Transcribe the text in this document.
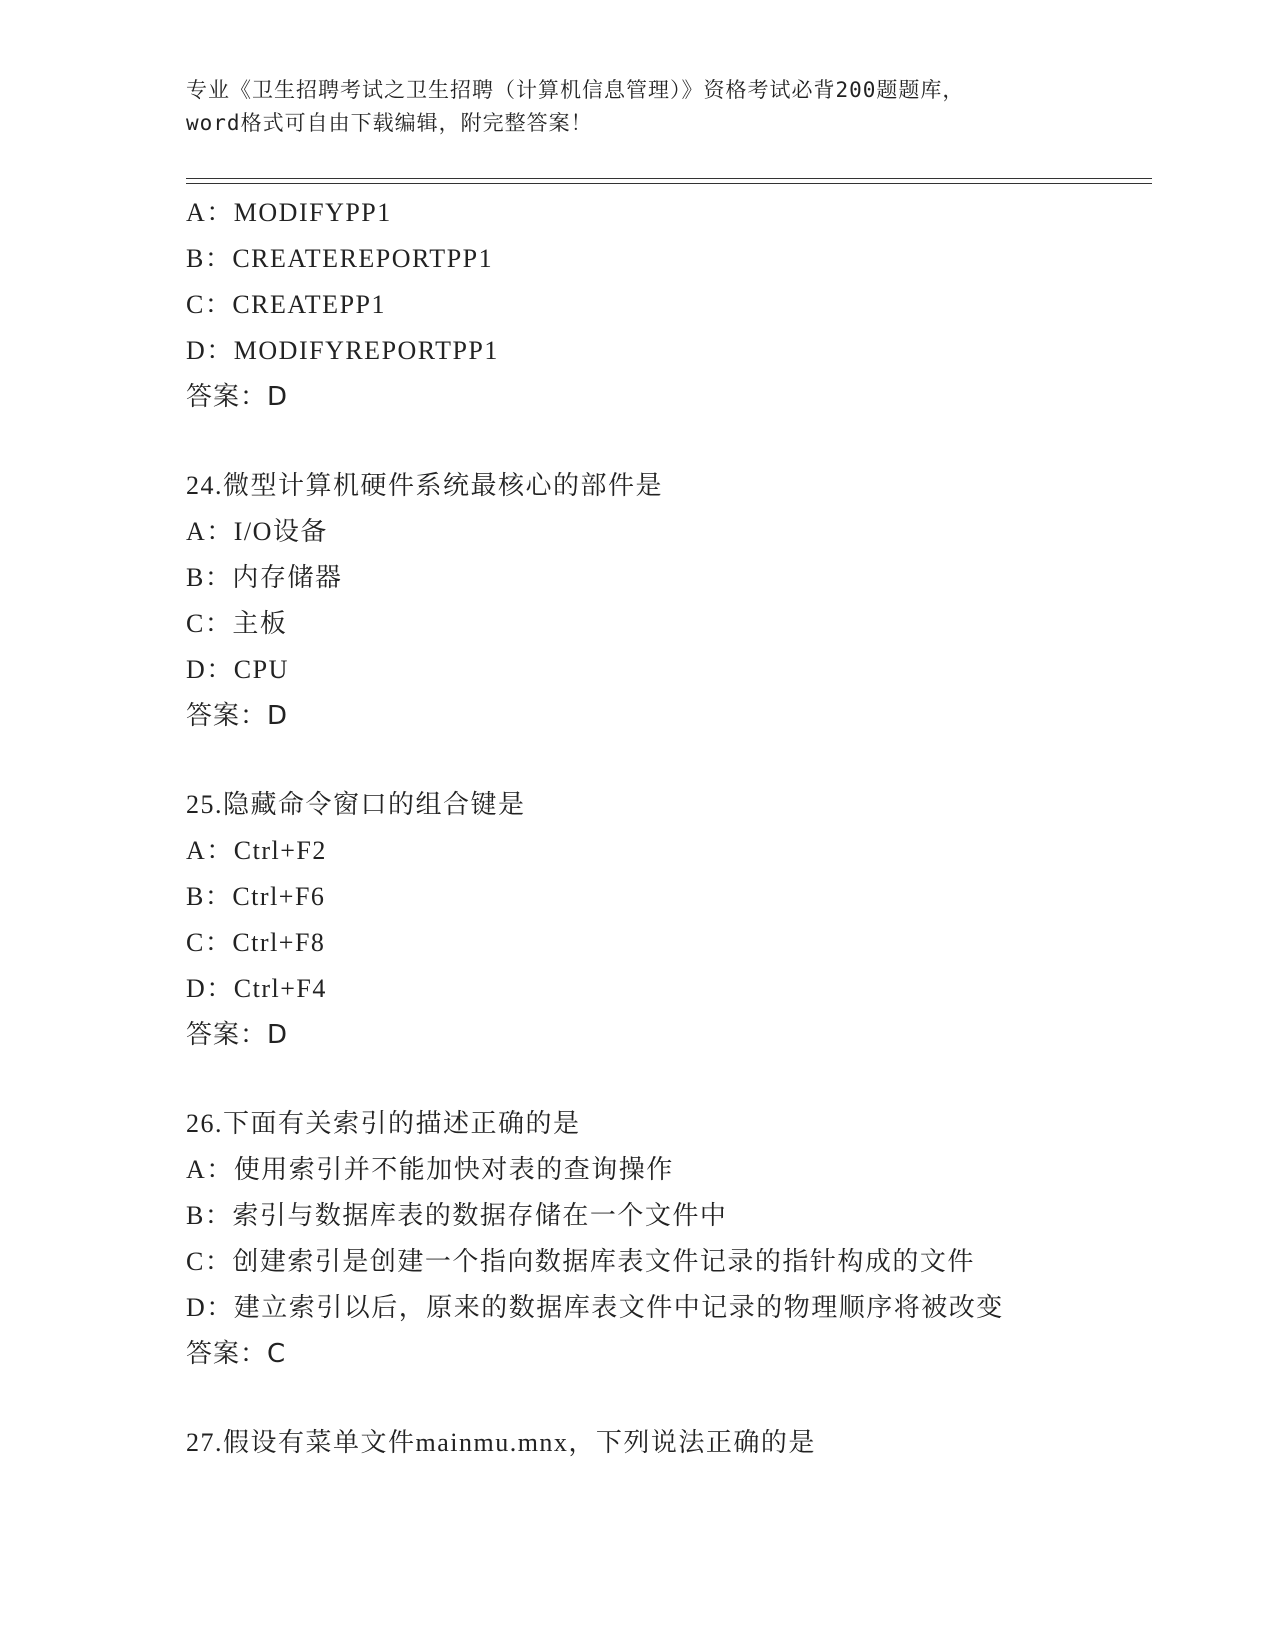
专业《卫生招聘考试之卫生招聘（计算机信息管理）》资格考试必背200题题库，
word格式可自由下载编辑，附完整答案！
A：MODIFYPP1
B：CREATEREPORTPP1
C：CREATEPP1
D：MODIFYREPORTPP1
答案：D
24.微型计算机硬件系统最核心的部件是
A：I/O设备
B：内存储器
C：主板
D：CPU
答案：D
25.隐藏命令窗口的组合键是
A：Ctrl+F2
B：Ctrl+F6
C：Ctrl+F8
D：Ctrl+F4
答案：D
26.下面有关索引的描述正确的是
A：使用索引并不能加快对表的查询操作
B：索引与数据库表的数据存储在一个文件中
C：创建索引是创建一个指向数据库表文件记录的指针构成的文件
D：建立索引以后，原来的数据库表文件中记录的物理顺序将被改变
答案：C
27.假设有菜单文件mainmu.mnx，下列说法正确的是
